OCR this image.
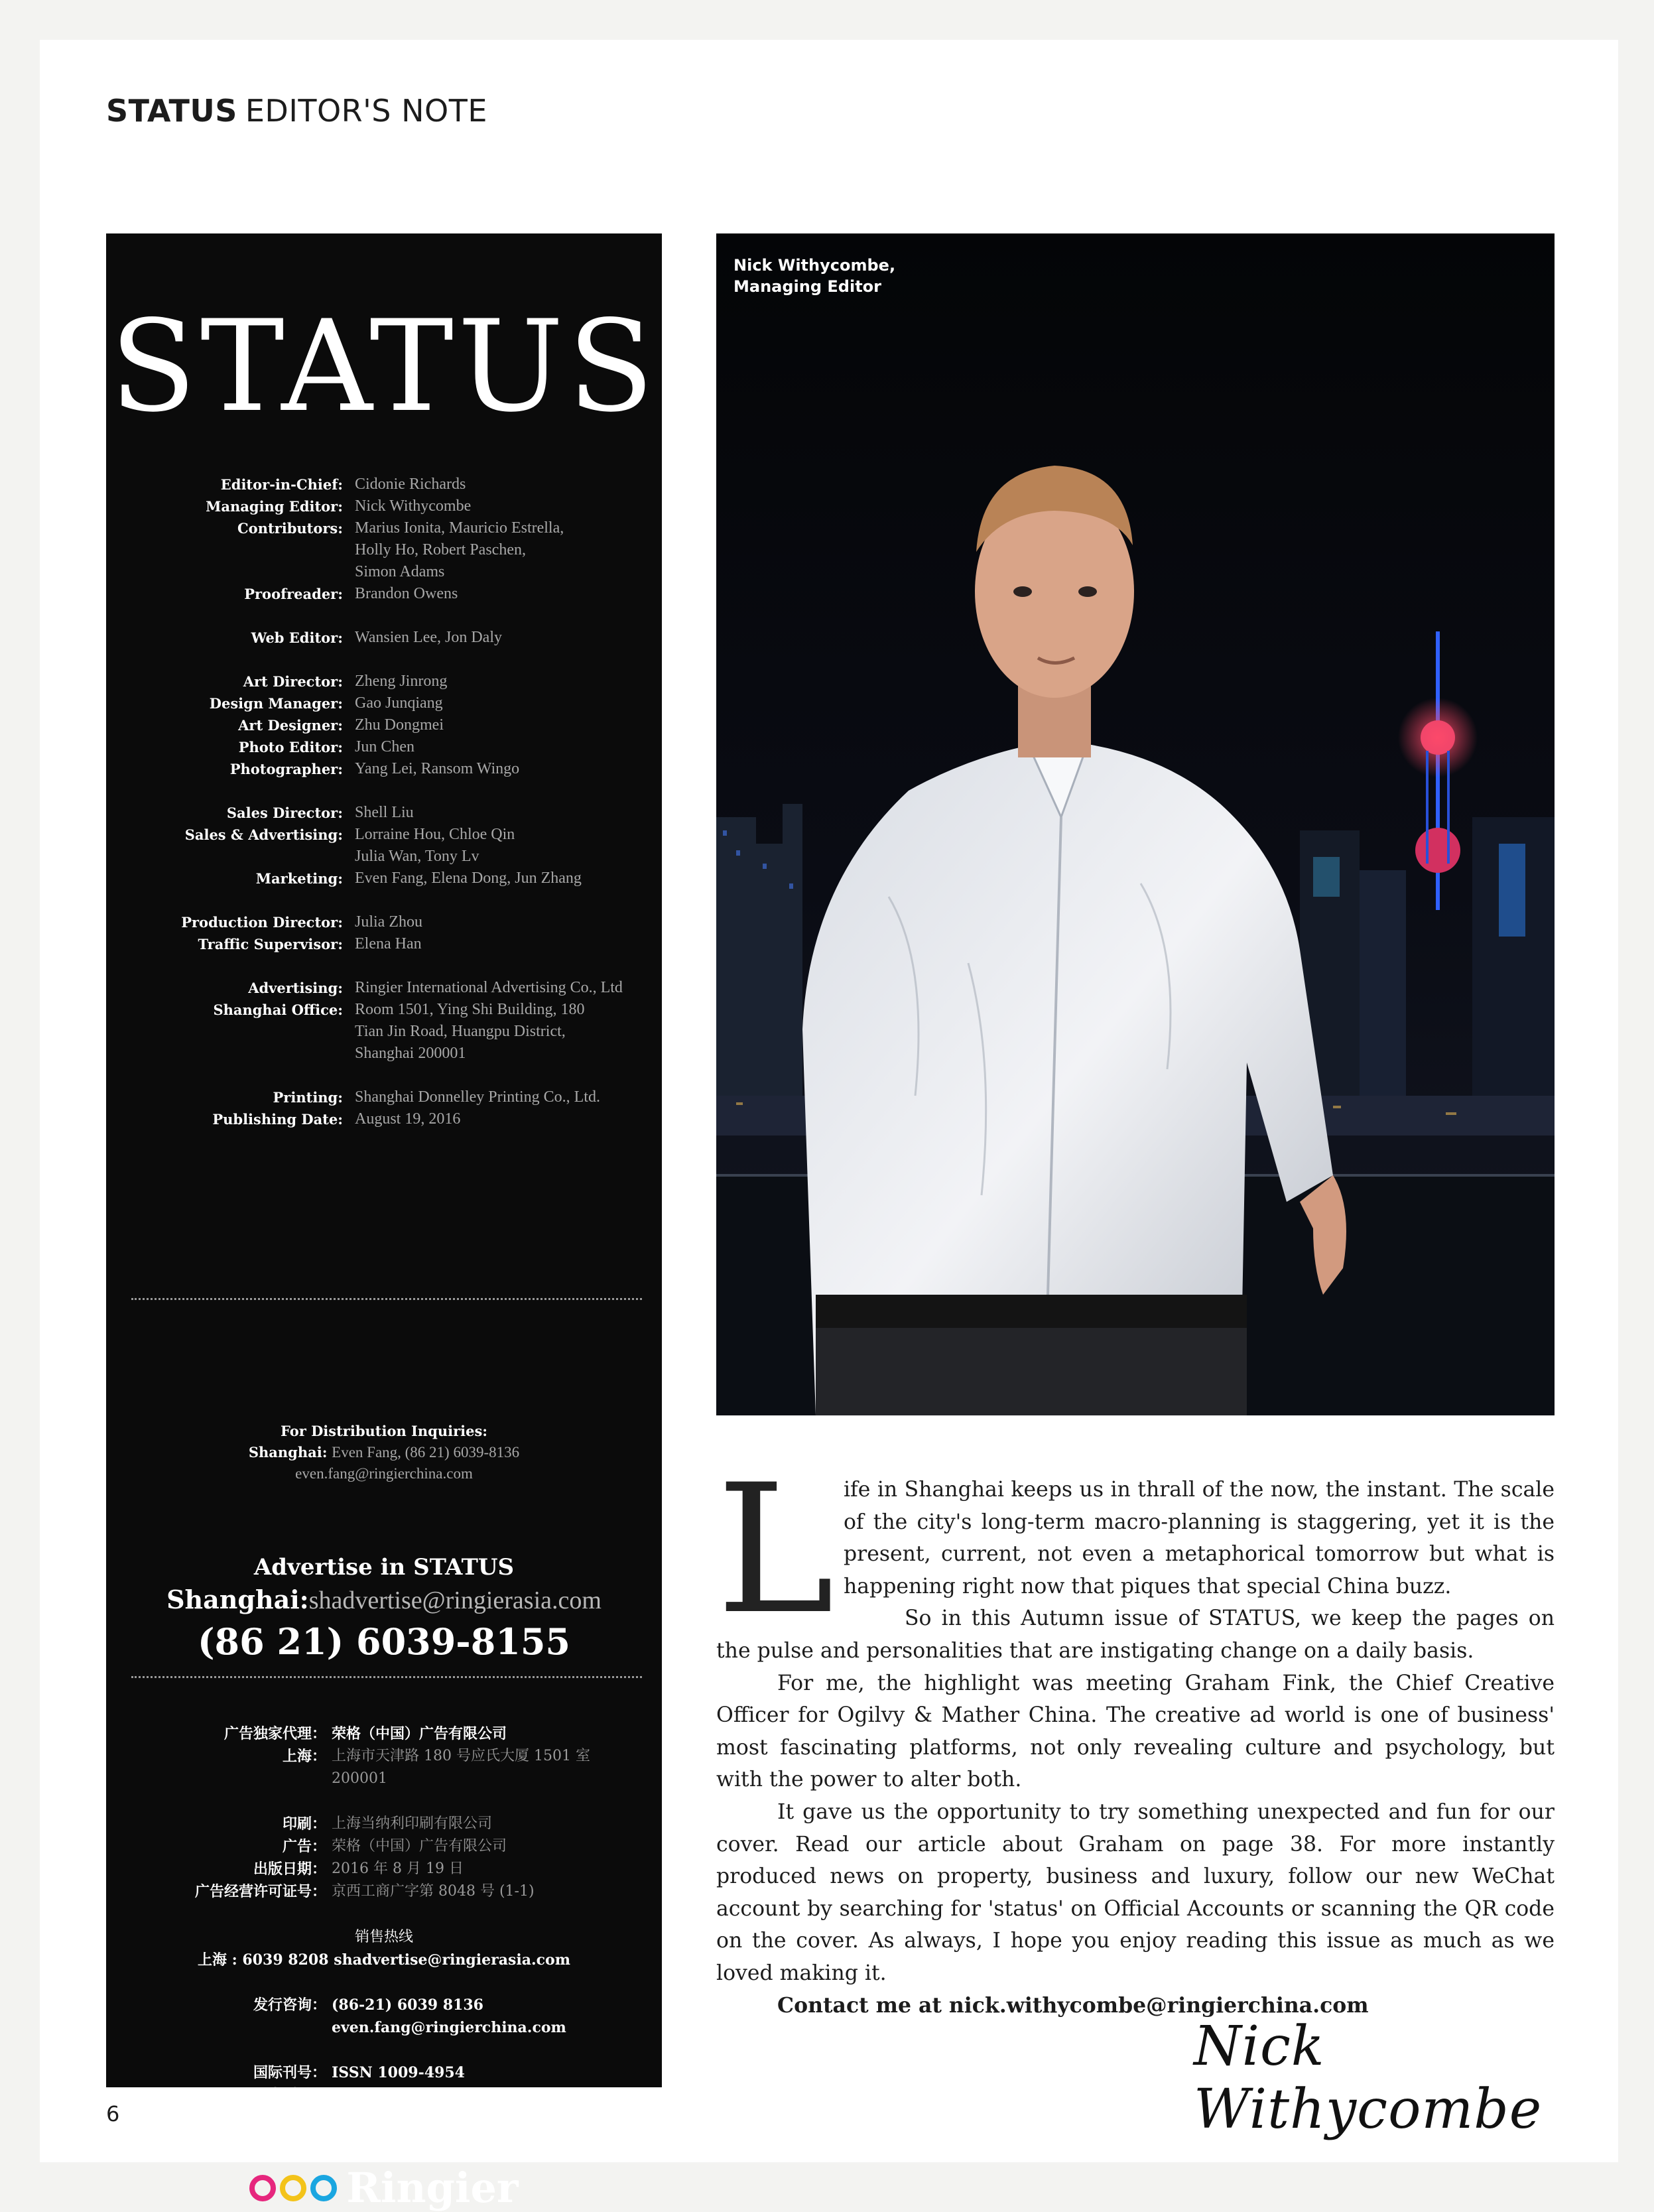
STATUS EDITOR'S NOTE
STATUS
Editor-in-Chief: Cidonie Richards
Managing Editor: Nick Withycombe
Contributors: Marius Ionita, Mauricio Estrella,
Holly Ho, Robert Paschen,
Simon Adams
Proofreader: Brandon Owens
Web Editor: Wansien Lee, Jon Daly
Art Director: Zheng Jinrong
Design Manager: Gao Junqiang
Art Designer: Zhu Dongmei
Photo Editor: Jun Chen
Photographer: Yang Lei, Ransom Wingo
Sales Director: Shell Liu
Sales & Advertising: Lorraine Hou, Chloe Qin
Julia Wan, Tony Lv
Marketing: Even Fang, Elena Dong, Jun Zhang
Production Director: Julia Zhou
Traffic Supervisor: Elena Han
Advertising: Ringier International Advertising Co., Ltd
Shanghai Office: Room 1501, Ying Shi Building, 180
Tian Jin Road, Huangpu District,
Shanghai 200001
Printing: Shanghai Donnelley Printing Co., Ltd.
Publishing Date: August 19, 2016
For Distribution Inquiries:
Shanghai: Even Fang, (86 21) 6039-8136
even.fang@ringierchina.com
Advertise in STATUS
Shanghai:shadvertise@ringierasia.com
(86 21) 6039-8155
广告独家代理： 荣格（中国）广告有限公司
上海： 上海市天津路 180 号应氏大厦 1501 室
200001
印刷： 上海当纳利印刷有限公司
广告： 荣格（中国）广告有限公司
出版日期： 2016 年 8 月 19 日
广告经营许可证号： 京西工商广字第 8048 号 (1-1)
销售热线
上海 : 6039 8208 shadvertise@ringierasia.com
发行咨询： (86-21) 6039 8136
even.fang@ringierchina.com
国际刊号： ISSN 1009-4954
国内刊号： CN11-4475/GO
Ringier
Nick Withycombe,
Managing Editor
L ife in Shanghai keeps us in thrall of the now, the instant. The scale of the city's long-term macro-planning is staggering, yet it is the present, current, not even a metaphorical tomorrow but what is happening right now that piques that special China buzz.

So in this Autumn issue of STATUS, we keep the pages on the pulse and personalities that are instigating change on a daily basis.

For me, the highlight was meeting Graham Fink, the Chief Creative Officer for Ogilvy & Mather China. The creative ad world is one of business' most fascinating platforms, not only revealing culture and psychology, but with the power to alter both.

It gave us the opportunity to try something unexpected and fun for our cover. Read our article about Graham on page 38. For more instantly produced news on property, business and luxury, follow our new WeChat account by searching for 'status' on Official Accounts or scanning the QR code on the cover. As always, I hope you enjoy reading this issue as much as we loved making it.

Contact me at nick.withycombe@ringierchina.com

Nick Withycombe
6
